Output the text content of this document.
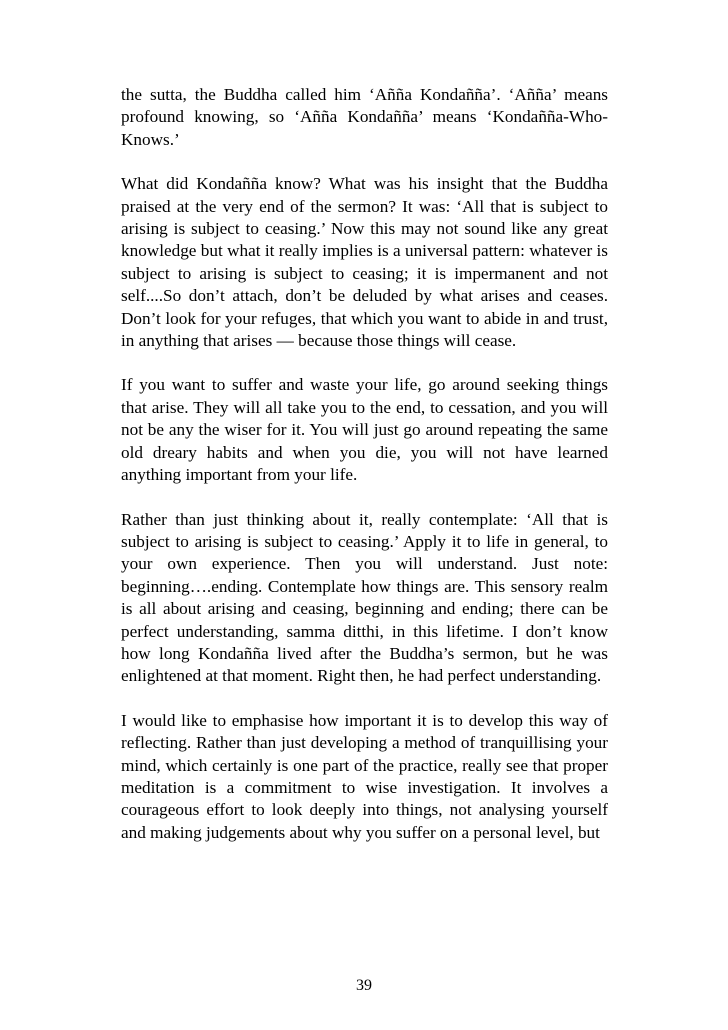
the sutta, the Buddha called him ‘Añña Kondañña’. ‘Añña’ means profound knowing, so ‘Añña Kondañña’ means ‘Kondañña-Who-Knows.’

What did Kondañña know? What was his insight that the Buddha praised at the very end of the sermon? It was: ‘All that is subject to arising is subject to ceasing.’ Now this may not sound like any great knowledge but what it really implies is a universal pattern: whatever is subject to arising is subject to ceasing; it is impermanent and not self....So don’t attach, don’t be deluded by what arises and ceases. Don’t look for your refuges, that which you want to abide in and trust, in anything that arises — because those things will cease.

If you want to suffer and waste your life, go around seeking things that arise. They will all take you to the end, to cessation, and you will not be any the wiser for it. You will just go around repeating the same old dreary habits and when you die, you will not have learned anything important from your life.

Rather than just thinking about it, really contemplate: ‘All that is subject to arising is subject to ceasing.’ Apply it to life in general, to your own experience. Then you will understand. Just note: beginning….ending. Contemplate how things are. This sensory realm is all about arising and ceasing, beginning and ending; there can be perfect understanding, samma ditthi, in this lifetime. I don’t know how long Kondañña lived after the Buddha’s sermon, but he was enlightened at that moment. Right then, he had perfect understanding.

I would like to emphasise how important it is to develop this way of reflecting. Rather than just developing a method of tranquillising your mind, which certainly is one part of the practice, really see that proper meditation is a commitment to wise investigation. It involves a courageous effort to look deeply into things, not analysing yourself and making judgements about why you suffer on a personal level, but

39
